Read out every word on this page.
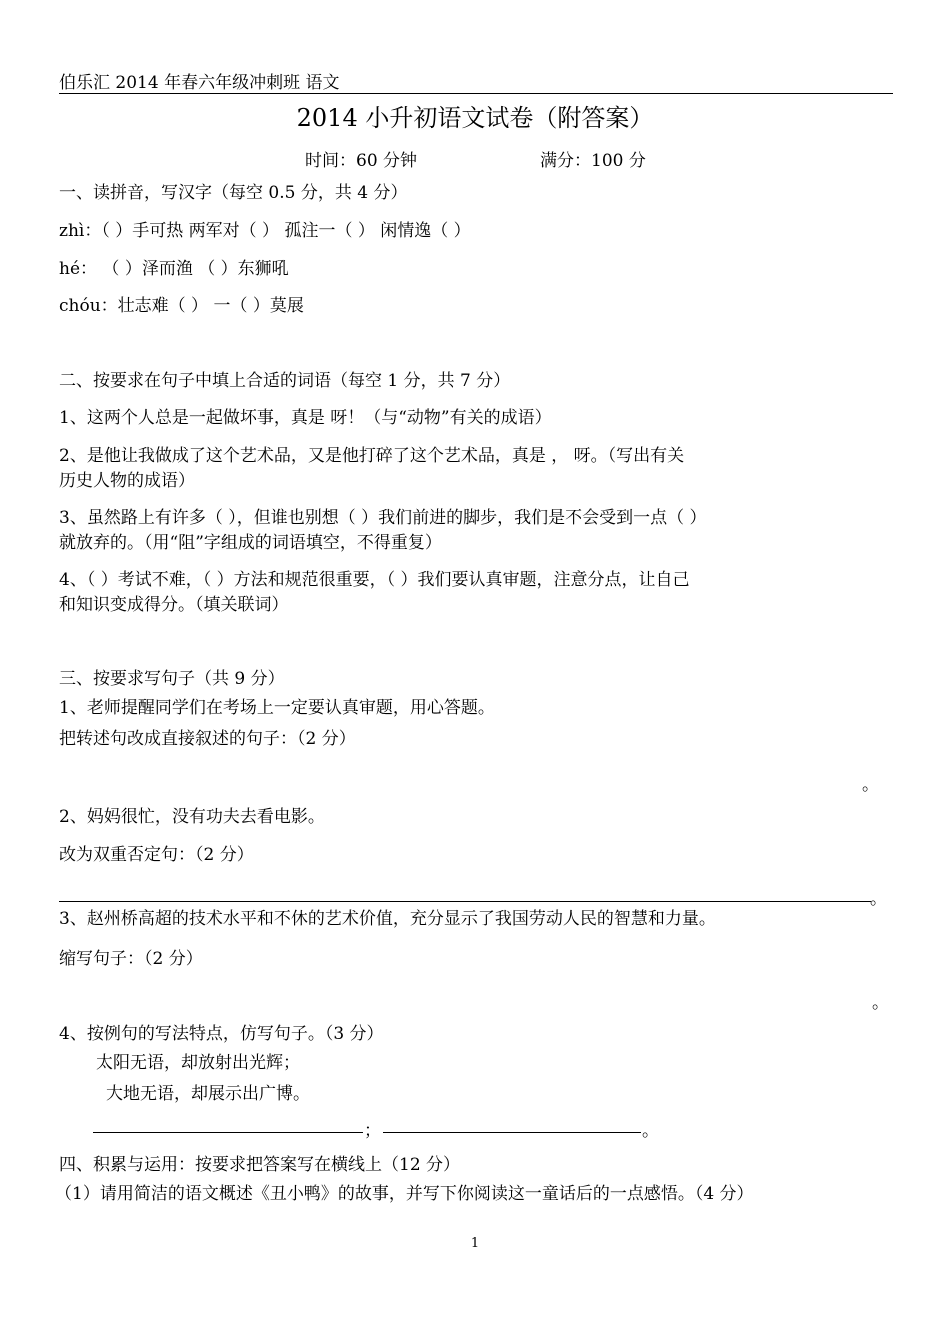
伯乐汇 2014 年春六年级冲刺班 语文
2014 小升初语文试卷（附答案）
时间：60 分钟	满分：100 分
一、读拼音，写汉字（每空 0.5 分，共 4 分）
zhì：（ ）手可热 两军对（ ） 孤注一（ ） 闲情逸（ ）
hé： （ ）泽而渔 （ ）东狮吼
chóu：壮志难（ ） 一（ ）莫展
二、按要求在句子中填上合适的词语（每空 1 分，共 7 分）
1、这两个人总是一起做坏事，真是 呀！（与“动物”有关的成语）
2、是他让我做成了这个艺术品，又是他打碎了这个艺术品，真是 ， 呀。（写出有关
历史人物的成语）
3、虽然路上有许多（ ），但谁也别想（ ）我们前进的脚步，我们是不会受到一点（ ）
就放弃的。（用“阻”字组成的词语填空，不得重复）
4、（ ）考试不难，（ ）方法和规范很重要，（ ）我们要认真审题，注意分点，让自己
和知识变成得分。（填关联词）
三、按要求写句子（共 9 分）
1、老师提醒同学们在考场上一定要认真审题，用心答题。
把转述句改成直接叙述的句子：（2 分）
。
2、妈妈很忙，没有功夫去看电影。
改为双重否定句：（2 分）
。
3、赵州桥高超的技术水平和不休的艺术价值，充分显示了我国劳动人民的智慧和力量。
缩写句子：（2 分）
。
4、按例句的写法特点，仿写句子。（3 分）
太阳无语，却放射出光辉；
大地无语，却展示出广博。
；	。
四、积累与运用：按要求把答案写在横线上（12 分）
（1）请用简洁的语文概述《丑小鸭》的故事，并写下你阅读这一童话后的一点感悟。（4 分）
1
